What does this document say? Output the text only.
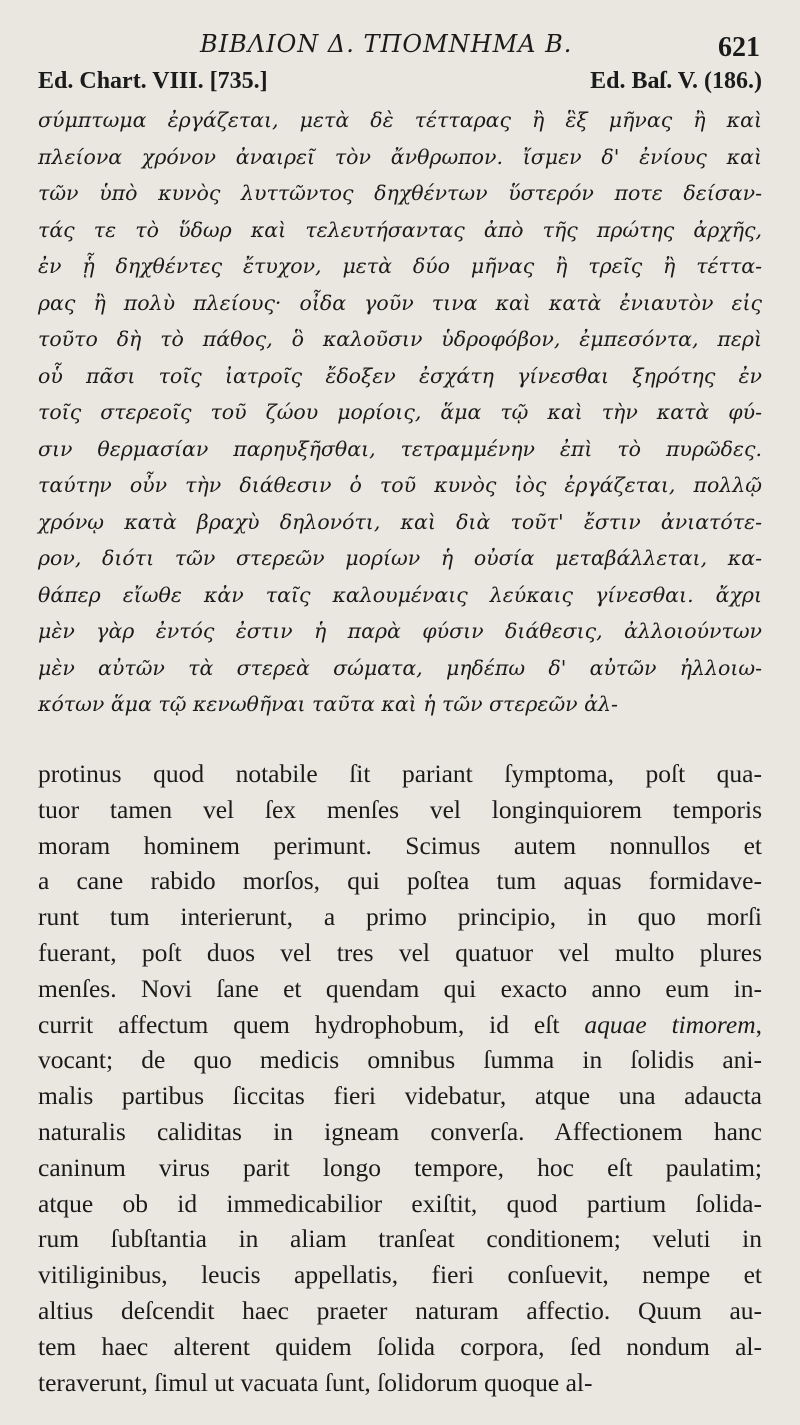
ΒΙΒΛΙΟΝ Δ. ΤΠΟΜΝΗΜΑ Β.	621
Ed. Chart. VIII. [735.]	Ed. Baſ. V. (186.)
σύμπτωμα ἐργάζεται, μετὰ δὲ τέτταρας ἢ ἓξ μῆνας ἢ καὶ
πλείονα χρόνον ἀναιρεῖ τὸν ἄνθρωπον. ἴσμεν δ' ἐνίους καὶ
τῶν ὑπὸ κυνὸς λυττῶντος δηχθέντων ὕστερόν ποτε δείσαν-
τάς τε τὸ ὕδωρ καὶ τελευτήσαντας ἀπὸ τῆς πρώτης ἀρχῆς,
ἐν ᾗ δηχθέντες ἔτυχον, μετὰ δύο μῆνας ἢ τρεῖς ἢ τέττα-
ρας ἢ πολὺ πλείους· οἶδα γοῦν τινα καὶ κατὰ ἐνιαυτὸν εἰς
τοῦτο δὴ τὸ πάθος, ὃ καλοῦσιν ὑδροφόβον, ἐμπεσόντα, περὶ
οὗ πᾶσι τοῖς ἰατροῖς ἔδοξεν ἐσχάτη γίνεσθαι ξηρότης ἐν
τοῖς στερεοῖς τοῦ ζώου μορίοις, ἅμα τῷ καὶ τὴν κατὰ φύ-
σιν θερμασίαν παρηυξῆσθαι, τετραμμένην ἐπὶ τὸ πυρῶδες.
ταύτην οὖν τὴν διάθεσιν ὁ τοῦ κυνὸς ἰὸς ἐργάζεται, πολλῷ
χρόνῳ κατὰ βραχὺ δηλονότι, καὶ διὰ τοῦτ' ἔστιν ἀνιατότε-
ρον, διότι τῶν στερεῶν μορίων ἡ οὐσία μεταβάλλεται, κα-
θάπερ εἴωθε κἀν ταῖς καλουμέναις λεύκαις γίνεσθαι. ἄχρι
μὲν γὰρ ἐντός ἐστιν ἡ παρὰ φύσιν διάθεσις, ἀλλοιούντων
μὲν αὐτῶν τὰ στερεὰ σώματα, μηδέπω δ' αὐτῶν ἠλλοιω-
κότων ἅμα τῷ κενωθῆναι ταῦτα καὶ ἡ τῶν στερεῶν ἀλ-
protinus quod notabile ſit pariant ſymptoma, poſt qua-
tuor tamen vel ſex menſes vel longinquiorem temporis
moram hominem perimunt. Scimus autem nonnullos et
a cane rabido morſos, qui poſtea tum aquas formidave-
runt tum interierunt, a primo principio, in quo morſi
fuerant, poſt duos vel tres vel quatuor vel multo plures
menſes. Novi ſane et quendam qui exacto anno eum in-
currit affectum quem hydrophobum, id eſt aquae timorem,
vocant; de quo medicis omnibus ſumma in ſolidis ani-
malis partibus ſiccitas fieri videbatur, atque una adaucta
naturalis caliditas in igneam converſa. Affectionem hanc
caninum virus parit longo tempore, hoc eſt paulatim;
atque ob id immedicabilior exiſtit, quod partium ſolida-
rum ſubſtantia in aliam tranſeat conditionem; veluti in
vitiliginibus, leucis appellatis, fieri conſuevit, nempe et
altius deſcendit haec praeter naturam affectio. Quum au-
tem haec alterent quidem ſolida corpora, ſed nondum al-
teraverunt, ſimul ut vacuata ſunt, ſolidorum quoque al-
